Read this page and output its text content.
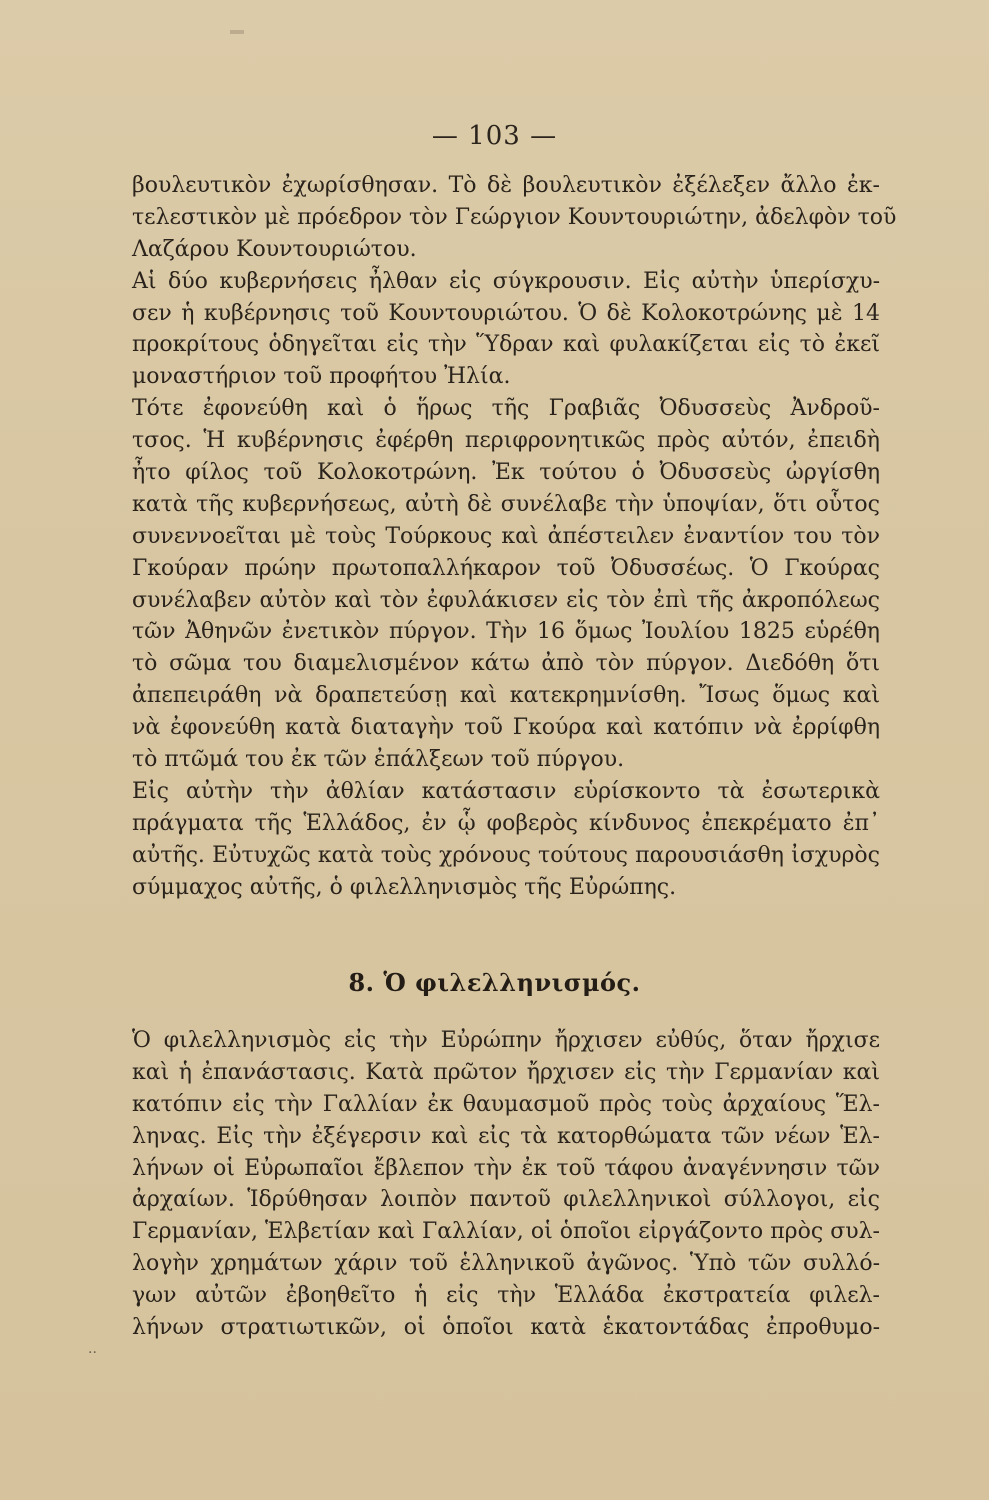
— 103 —
βουλευτικὸν ἐχωρίσθησαν. Τὸ δὲ βουλευτικὸν ἐξέλεξεν ἄλλο ἐκ-
τελεστικὸν μὲ πρόεδρον τὸν Γεώργιον Κουντουριώτην, ἀδελφὸν τοῦ
Λαζάρου Κουντουριώτου.
Αἱ δύο κυβερνήσεις ἦλθαν εἰς σύγκρουσιν. Εἰς αὐτὴν ὑπερίσχυ-
σεν ἡ κυβέρνησις τοῦ Κουντουριώτου. Ὁ δὲ Κολοκοτρώνης μὲ 14
προκρίτους ὁδηγεῖται εἰς τὴν Ὕδραν καὶ φυλακίζεται εἰς τὸ ἐκεῖ
μοναστήριον τοῦ προφήτου Ἠλία.
Τότε ἐφονεύθη καὶ ὁ ἥρως τῆς Γραβιᾶς Ὀδυσσεὺς Ἀνδροῦ-
τσος. Ἡ κυβέρνησις ἐφέρθη περιφρονητικῶς πρὸς αὐτόν, ἐπειδὴ
ἦτο φίλος τοῦ Κολοκοτρώνη. Ἐκ τούτου ὁ Ὀδυσσεὺς ὠργίσθη
κατὰ τῆς κυβερνήσεως, αὐτὴ δὲ συνέλαβε τὴν ὑποψίαν, ὅτι οὗτος
συνεννοεῖται μὲ τοὺς Τούρκους καὶ ἀπέστειλεν ἐναντίον του τὸν
Γκούραν πρώην πρωτοπαλλήκαρον τοῦ Ὀδυσσέως. Ὁ Γκούρας
συνέλαβεν αὐτὸν καὶ τὸν ἐφυλάκισεν εἰς τὸν ἐπὶ τῆς ἀκροπόλεως
τῶν Ἀθηνῶν ἐνετικὸν πύργον. Τὴν 16 ὅμως Ἰουλίου 1825 εὑρέθη
τὸ σῶμα του διαμελισμένον κάτω ἀπὸ τὸν πύργον. Διεδόθη ὅτι
ἀπεπειράθη νὰ δραπετεύσῃ καὶ κατεκρημνίσθη. Ἴσως ὅμως καὶ
νὰ ἐφονεύθη κατὰ διαταγὴν τοῦ Γκούρα καὶ κατόπιν νὰ ἐρρίφθη
τὸ πτῶμά του ἐκ τῶν ἐπάλξεων τοῦ πύργου.
Εἰς αὐτὴν τὴν ἀθλίαν κατάστασιν εὑρίσκοντο τὰ ἐσωτερικὰ
πράγματα τῆς Ἑλλάδος, ἐν ᾧ φοβερὸς κίνδυνος ἐπεκρέματο ἐπ᾽
αὐτῆς. Εὐτυχῶς κατὰ τοὺς χρόνους τούτους παρουσιάσθη ἰσχυρὸς
σύμμαχος αὐτῆς, ὁ φιλελληνισμὸς τῆς Εὐρώπης.
8. Ὁ φιλελληνισμός.
Ὁ φιλελληνισμὸς εἰς τὴν Εὐρώπην ἤρχισεν εὐθύς, ὅταν ἤρχισε
καὶ ἡ ἐπανάστασις. Κατὰ πρῶτον ἤρχισεν εἰς τὴν Γερμανίαν καὶ
κατόπιν εἰς τὴν Γαλλίαν ἐκ θαυμασμοῦ πρὸς τοὺς ἀρχαίους Ἕλ-
ληνας. Εἰς τὴν ἐξέγερσιν καὶ εἰς τὰ κατορθώματα τῶν νέων Ἑλ-
λήνων οἱ Εὐρωπαῖοι ἔβλεπον τὴν ἐκ τοῦ τάφου ἀναγέννησιν τῶν
ἀρχαίων. Ἱδρύθησαν λοιπὸν παντοῦ φιλελληνικοὶ σύλλογοι, εἰς
Γερμανίαν, Ἑλβετίαν καὶ Γαλλίαν, οἱ ὁποῖοι εἰργάζοντο πρὸς συλ-
λογὴν χρημάτων χάριν τοῦ ἑλληνικοῦ ἀγῶνος. Ὑπὸ τῶν συλλό-
γων αὐτῶν ἐβοηθεῖτο ἡ εἰς τὴν Ἑλλάδα ἐκστρατεία φιλελ-
λήνων στρατιωτικῶν, οἱ ὁποῖοι κατὰ ἑκατοντάδας ἐπροθυμο-
··
